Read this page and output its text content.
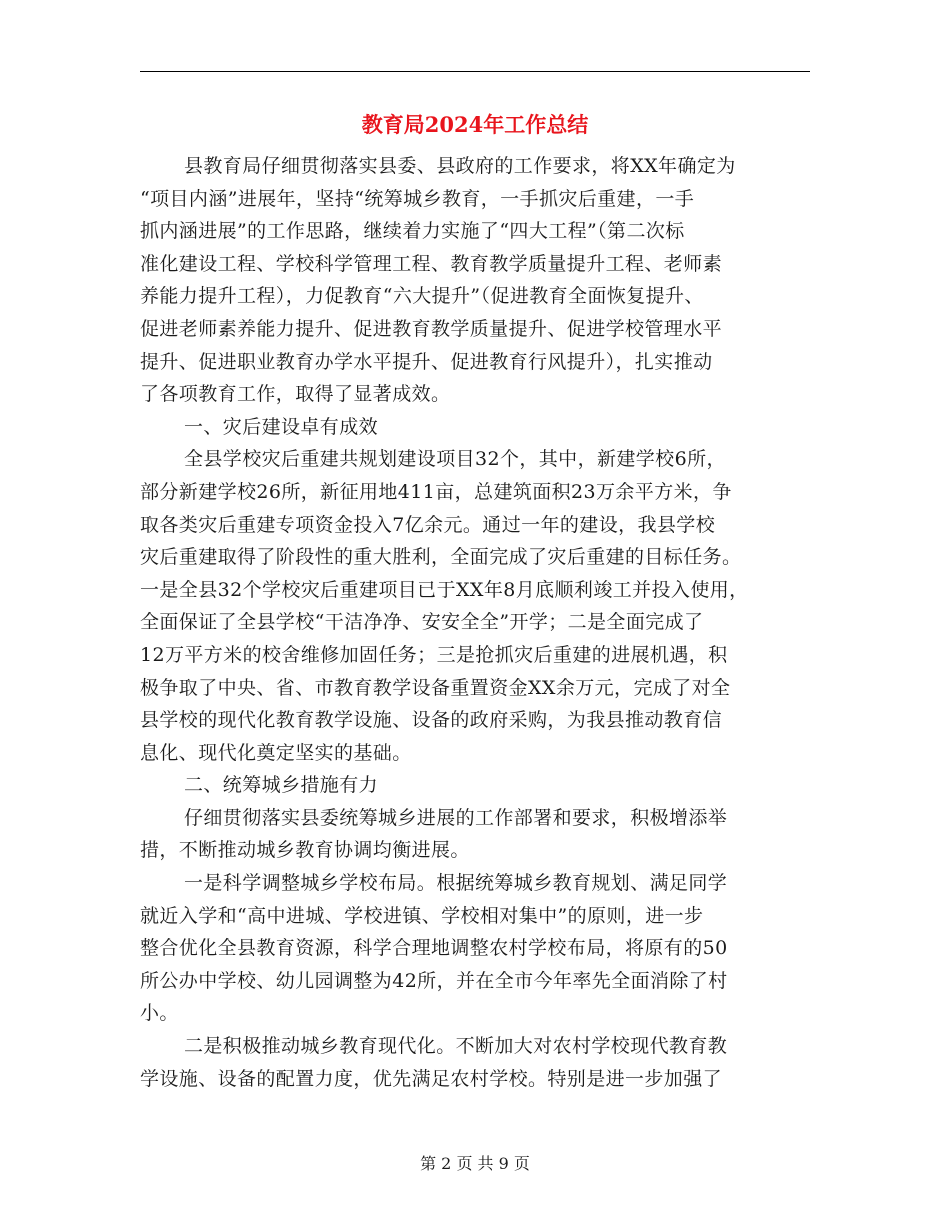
教育局2024年工作总结
县教育局仔细贯彻落实县委、县政府的工作要求，将XX年确定为
“项目内涵”进展年，坚持“统筹城乡教育，一手抓灾后重建，一手
抓内涵进展”的工作思路，继续着力实施了“四大工程”（第二次标
准化建设工程、学校科学管理工程、教育教学质量提升工程、老师素
养能力提升工程），力促教育“六大提升”（促进教育全面恢复提升、
促进老师素养能力提升、促进教育教学质量提升、促进学校管理水平
提升、促进职业教育办学水平提升、促进教育行风提升），扎实推动
了各项教育工作，取得了显著成效。
一、灾后建设卓有成效
全县学校灾后重建共规划建设项目32个，其中，新建学校6所，
部分新建学校26所，新征用地411亩，总建筑面积23万余平方米，争
取各类灾后重建专项资金投入7亿余元。通过一年的建设，我县学校
灾后重建取得了阶段性的重大胜利，全面完成了灾后重建的目标任务。
一是全县32个学校灾后重建项目已于XX年8月底顺利竣工并投入使用，
全面保证了全县学校“干洁净净、安安全全”开学；二是全面完成了
12万平方米的校舍维修加固任务；三是抢抓灾后重建的进展机遇，积
极争取了中央、省、市教育教学设备重置资金XX余万元，完成了对全
县学校的现代化教育教学设施、设备的政府采购，为我县推动教育信
息化、现代化奠定坚实的基础。
二、统筹城乡措施有力
仔细贯彻落实县委统筹城乡进展的工作部署和要求，积极增添举
措，不断推动城乡教育协调均衡进展。
一是科学调整城乡学校布局。根据统筹城乡教育规划、满足同学
就近入学和“高中进城、学校进镇、学校相对集中”的原则，进一步
整合优化全县教育资源，科学合理地调整农村学校布局，将原有的50
所公办中学校、幼儿园调整为42所，并在全市今年率先全面消除了村
小。
二是积极推动城乡教育现代化。不断加大对农村学校现代教育教
学设施、设备的配置力度，优先满足农村学校。特别是进一步加强了
第 2 页 共 9 页
